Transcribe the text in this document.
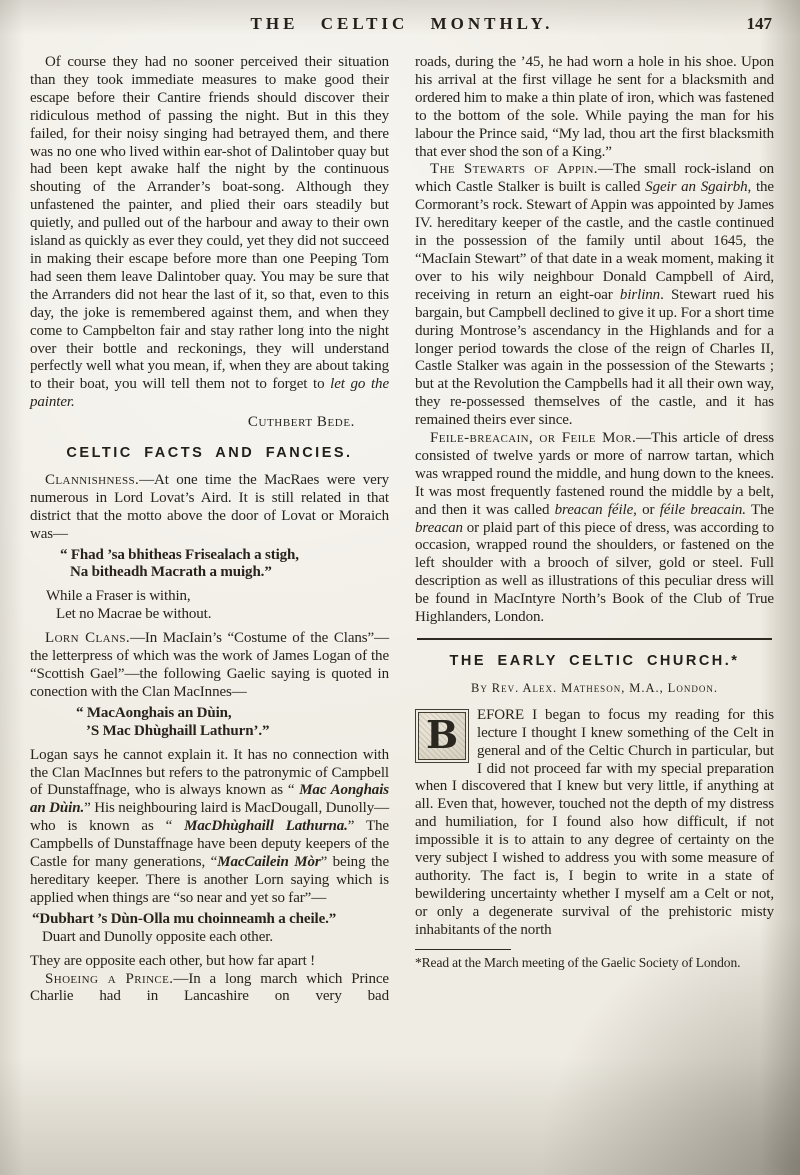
THE CELTIC MONTHLY.	147

Of course they had no sooner perceived their situation than they took immediate measures to make good their escape before their Cantire friends should discover their ridiculous method of passing the night. But in this they failed, for their noisy singing had betrayed them, and there was no one who lived within ear-shot of Dalintober quay but had been kept awake half the night by the continuous shouting of the Arrander’s boat-song. Although they unfastened the painter, and plied their oars steadily but quietly, and pulled out of the harbour and away to their own island as quickly as ever they could, yet they did not succeed in making their escape before more than one Peeping Tom had seen them leave Dalintober quay. You may be sure that the Arranders did not hear the last of it, so that, even to this day, the joke is remembered against them, and when they come to Campbelton fair and stay rather long into the night over their bottle and reckonings, they will understand perfectly well what you mean, if, when they are about taking to their boat, you will tell them not to forget to let go the painter.

Cuthbert Bede.
CELTIC FACTS AND FANCIES.

Clannishness.—At one time the MacRaes were very numerous in Lord Lovat’s Aird. It is still related in that district that the motto above the door of Lovat or Moraich was—

“ Fhad ’sa bhitheas Frisealach a stigh,
Na bitheadh Macrath a muigh.”
While a Fraser is within,
Let no Macrae be without.

Lorn Clans.—In MacIain’s “Costume of the Clans”—the letterpress of which was the work of James Logan of the “Scottish Gael”—the following Gaelic saying is quoted in conection with the Clan MacInnes—

“ MacAonghais an Dùin,
’S Mac Dhùghaill Lathurn’.”

Logan says he cannot explain it. It has no connection with the Clan MacInnes but refers to the patronymic of Campbell of Dunstaffnage, who is always known as “ Mac Aonghais an Dùin.” His neighbouring laird is MacDougall, Dunolly—who is known as “ MacDhùghaill Lathurna.” The Campbells of Dunstaffnage have been deputy keepers of the Castle for many generations, “MacCailein Mòr” being the hereditary keeper. There is another Lorn saying which is applied when things are “so near and yet so far”—

“Dubhart ’s Dùn-Olla mu choinneamh a cheile.”
Duart and Dunolly opposite each other.

They are opposite each other, but how far apart !

Shoeing a Prince.—In a long march which Prince Charlie had in Lancashire on very bad

roads, during the ’45, he had worn a hole in his shoe. Upon his arrival at the first village he sent for a blacksmith and ordered him to make a thin plate of iron, which was fastened to the bottom of the sole. While paying the man for his labour the Prince said, “My lad, thou art the first blacksmith that ever shod the son of a King.”

The Stewarts of Appin.—The small rock-island on which Castle Stalker is built is called Sgeir an Sgairbh, the Cormorant’s rock. Stewart of Appin was appointed by James IV. hereditary keeper of the castle, and the castle continued in the possession of the family until about 1645, the “MacIain Stewart” of that date in a weak moment, making it over to his wily neighbour Donald Campbell of Aird, receiving in return an eight-oar birlinn. Stewart rued his bargain, but Campbell declined to give it up. For a short time during Montrose’s ascendancy in the Highlands and for a longer period towards the close of the reign of Charles II, Castle Stalker was again in the possession of the Stewarts ; but at the Revolution the Campbells had it all their own way, they re-possessed themselves of the castle, and it has remained theirs ever since.

Feile-breacain, or Feile Mor.—This article of dress consisted of twelve yards or more of narrow tartan, which was wrapped round the middle, and hung down to the knees. It was most frequently fastened round the middle by a belt, and then it was called breacan féile, or féile breacain. The breacan or plaid part of this piece of dress, was according to occasion, wrapped round the shoulders, or fastened on the left shoulder with a brooch of silver, gold or steel. Full description as well as illustrations of this peculiar dress will be found in MacIntyre North’s Book of the Club of True Highlanders, London.

THE EARLY CELTIC CHURCH.*
By Rev. Alex. Matheson, M.A., London.

B	EFORE I began to focus my reading for this lecture I thought I knew something of the Celt in general and of the Celtic Church in particular, but I did not proceed far with my special preparation when I discovered that I knew but very little, if anything at all. Even that, however, touched not the depth of my distress and humiliation, for I found also how difficult, if not impossible it is to attain to any degree of certainty on the very subject I wished to address you with some measure of authority. The fact is, I begin to write in a state of bewildering uncertainty whether I myself am a Celt or not, or only a degenerate survival of the prehistoric misty inhabitants of the north

*Read at the March meeting of the Gaelic Society of London.
